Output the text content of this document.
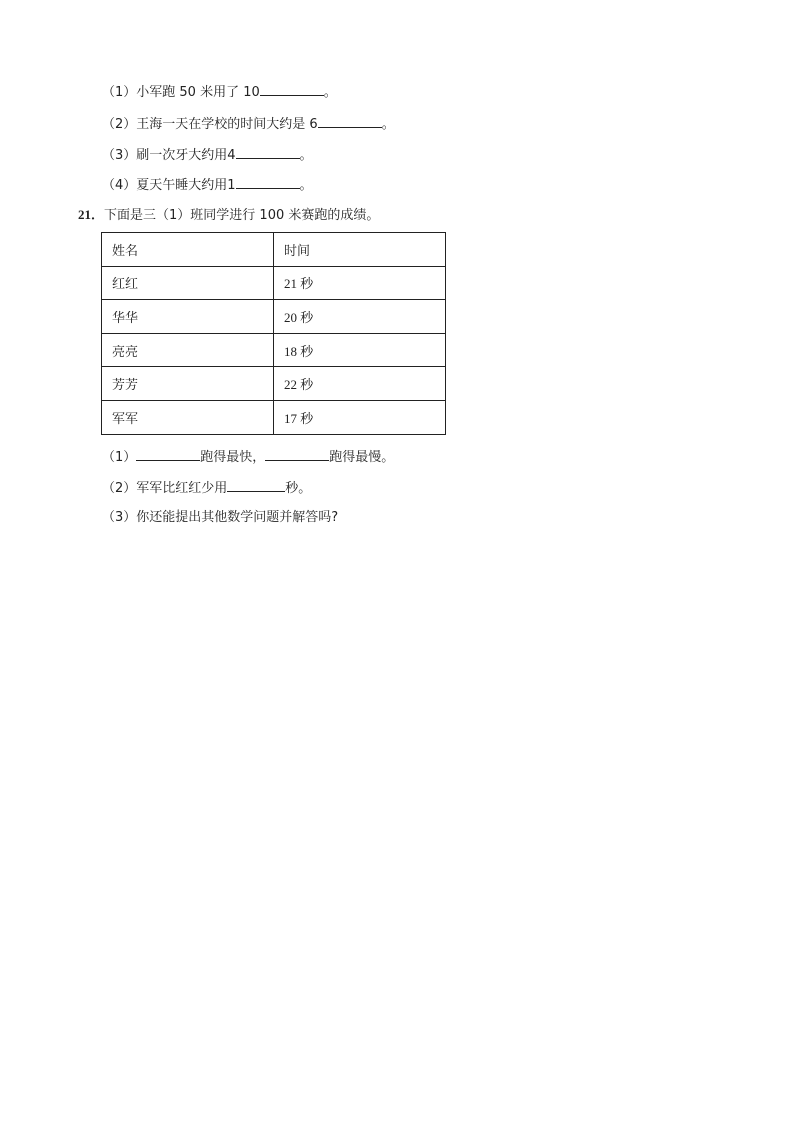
（1）小军跑 50 米用了 10	。
（2）王海一天在学校的时间大约是 6	。
（3）刷一次牙大约用4	。
（4）夏天午睡大约用1	。
21．下面是三（1）班同学进行 100 米赛跑的成绩。
姓名	时间
红红	21 秒
华华	20 秒
亮亮	18 秒
芳芳	22 秒
军军	17 秒
（1）	跑得最快，	跑得最慢。
（2）军军比红红少用	秒。
（3）你还能提出其他数学问题并解答吗?
